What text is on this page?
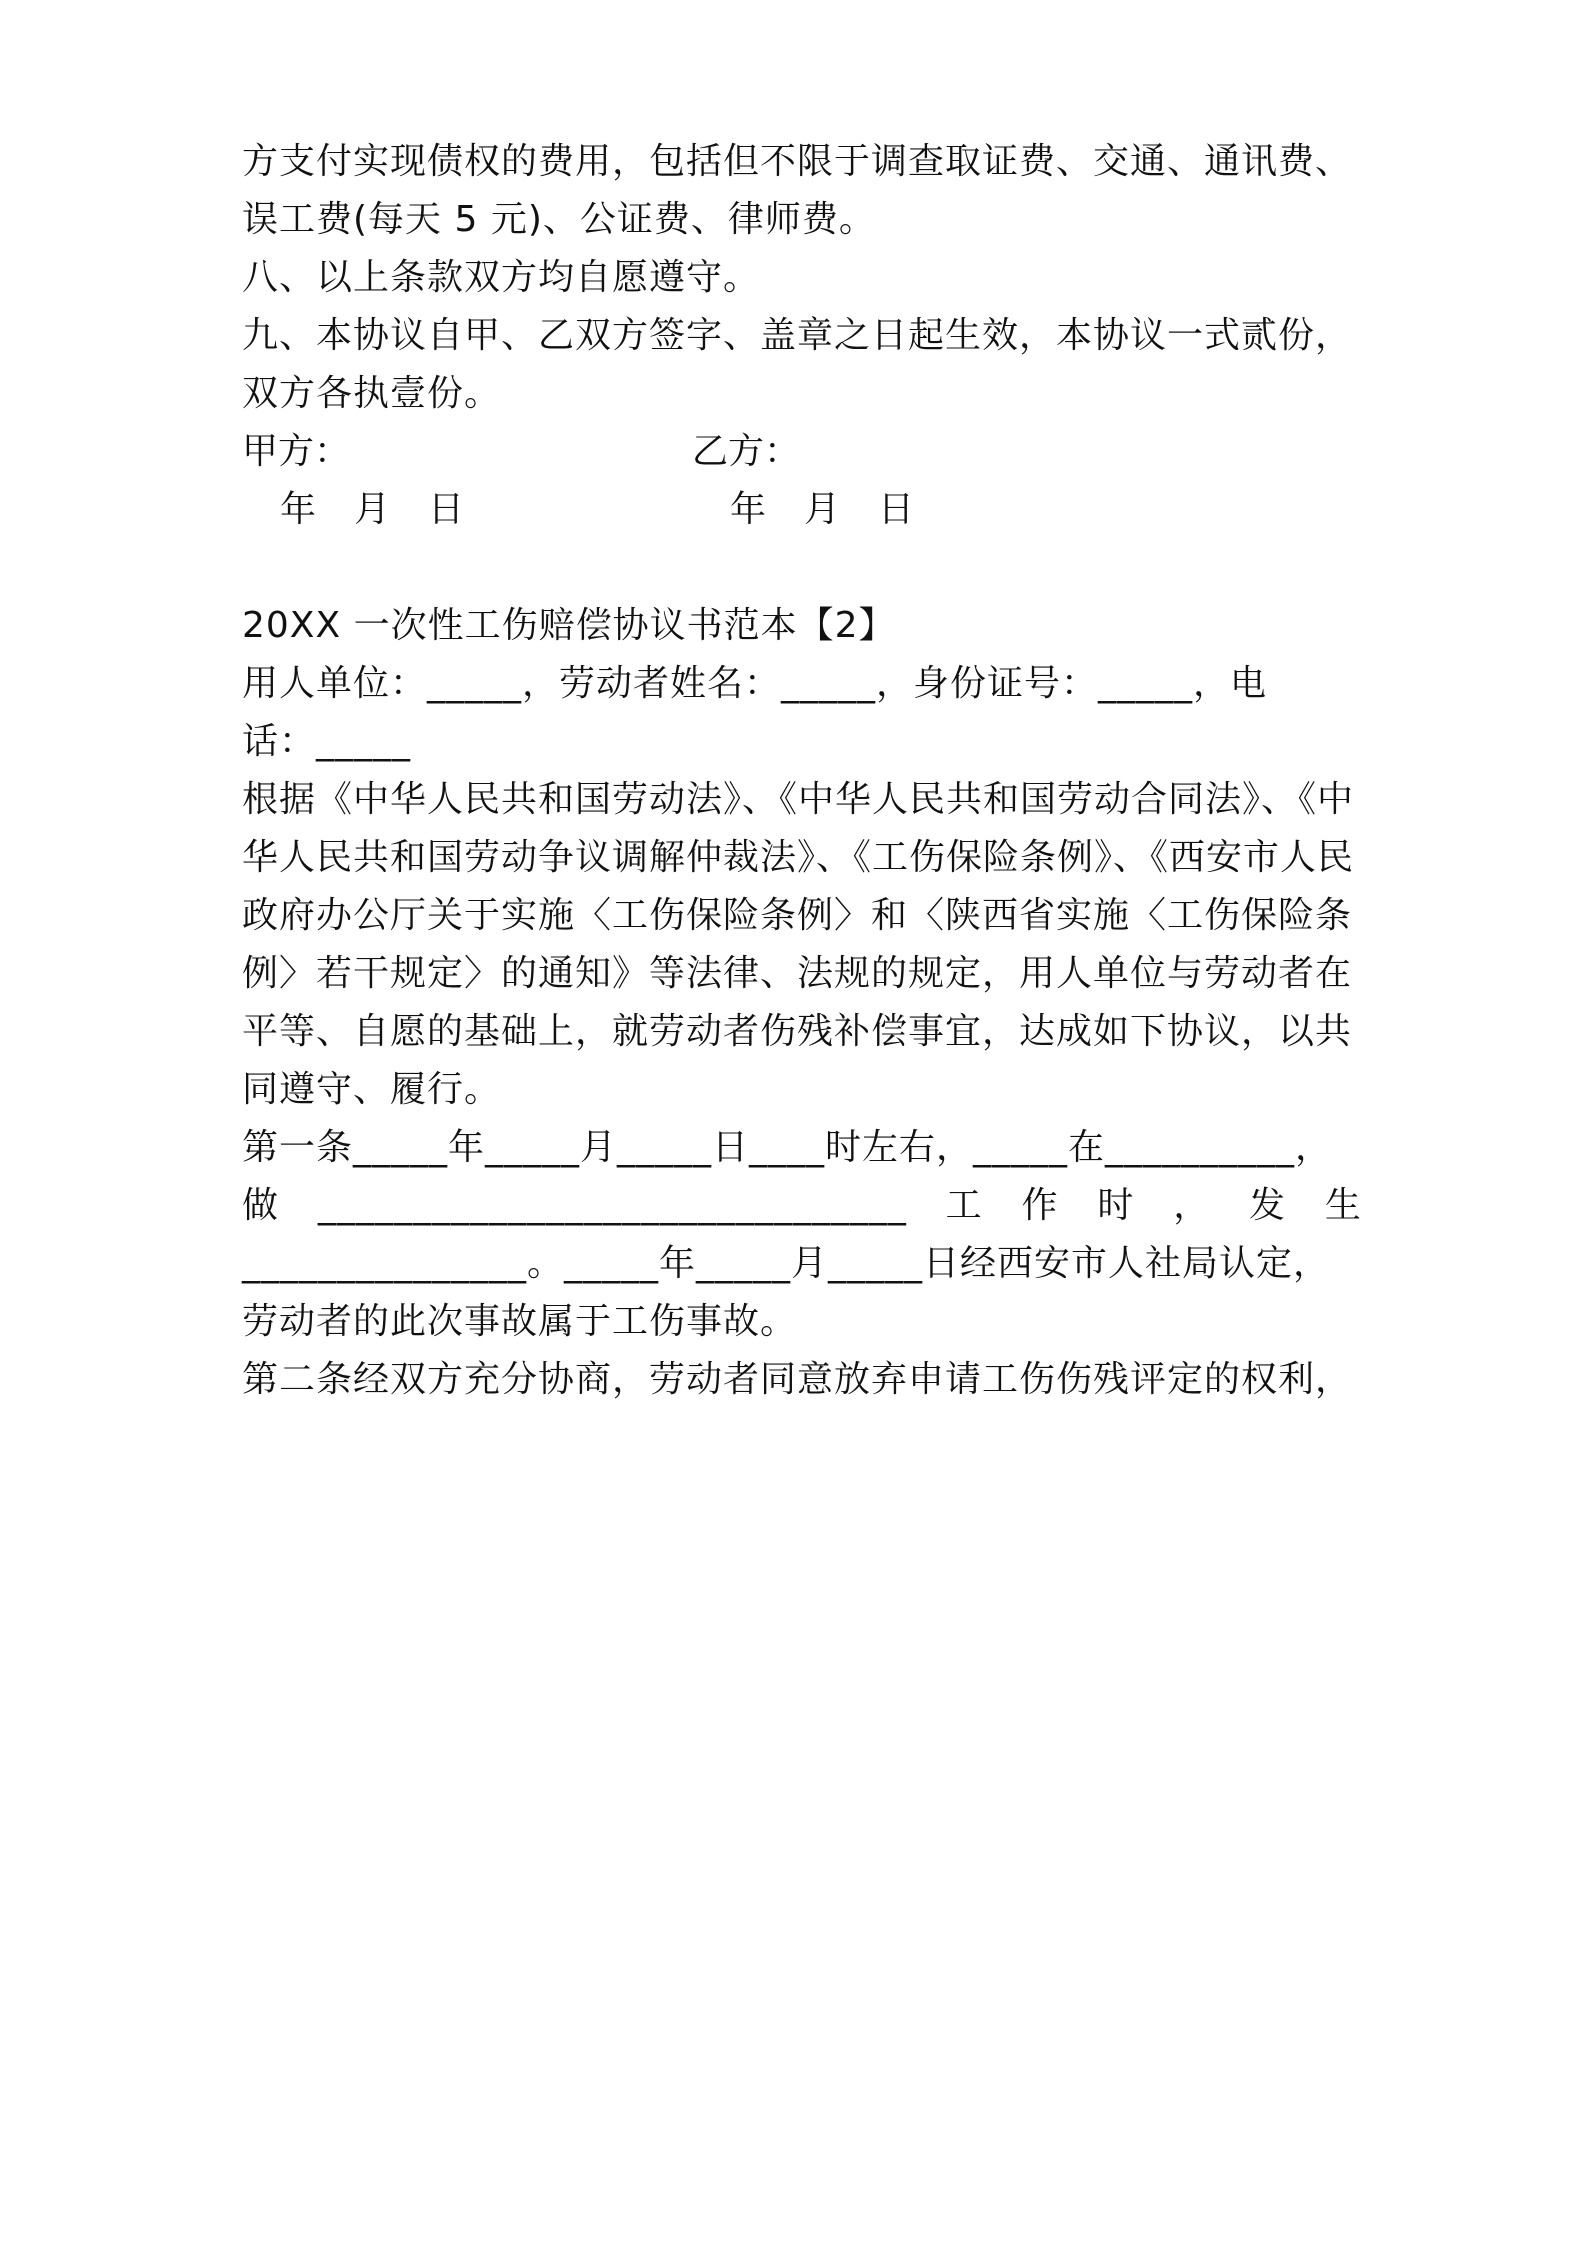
方支付实现债权的费用，包括但不限于调查取证费、交通、通讯费、
误工费(每天 5 元)、公证费、律师费。
八、以上条款双方均自愿遵守。
九、本协议自甲、乙双方签字、盖章之日起生效，本协议一式贰份，
双方各执壹份。
甲方：	乙方：
年 月 日	年 月 日
20XX 一次性工伤赔偿协议书范本【2】
用人单位：_____，劳动者姓名：_____，身份证号：_____，电
话：_____
根据《中华人民共和国劳动法》、《中华人民共和国劳动合同法》、《中
华人民共和国劳动争议调解仲裁法》、《工伤保险条例》、《西安市人民
政府办公厅关于实施〈工伤保险条例〉和〈陕西省实施〈工伤保险条
例〉若干规定〉的通知》等法律、法规的规定，用人单位与劳动者在
平等、自愿的基础上，就劳动者伤残补偿事宜，达成如下协议，以共
同遵守、履行。
第一条_____年_____月_____日____时左右，_____在__________，
做 _______________________________ 工 作 时 ， 发 生
_______________。_____年_____月_____日经西安市人社局认定，
劳动者的此次事故属于工伤事故。
第二条经双方充分协商，劳动者同意放弃申请工伤伤残评定的权利，
